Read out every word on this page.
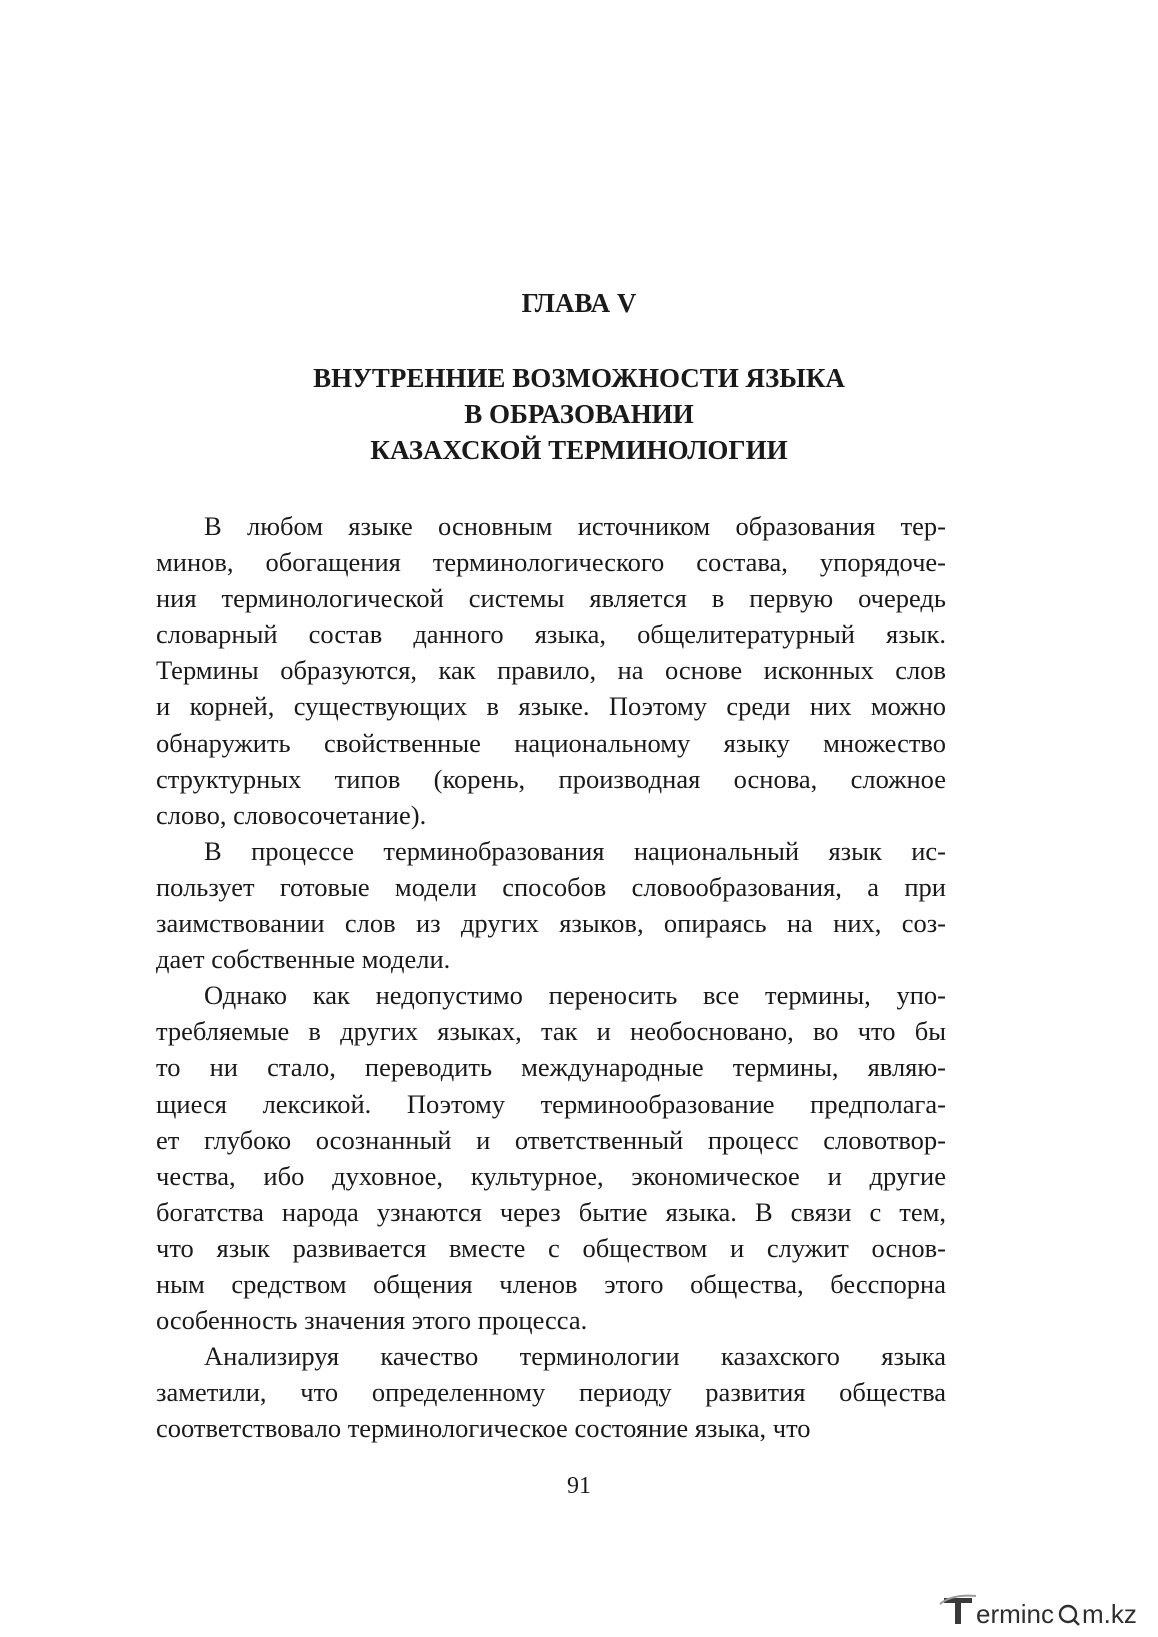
ГЛАВА V
ВНУТРЕННИЕ ВОЗМОЖНОСТИ ЯЗЫКА
В ОБРАЗОВАНИИ
КАЗАХСКОЙ ТЕРМИНОЛОГИИ
В любом языке основным источником образования тер-
минов, обогащения терминологического состава, упорядоче-
ния терминологической системы является в первую очередь
словарный состав данного языка, общелитературный язык.
Термины образуются, как правило, на основе исконных слов
и корней, существующих в языке. Поэтому среди них можно
обнаружить свойственные национальному языку множество
структурных типов (корень, производная основа, сложное
слово, словосочетание).
В процессе терминобразования национальный язык ис-
пользует готовые модели способов словообразования, а при
заимствовании слов из других языков, опираясь на них, соз-
дает собственные модели.
Однако как недопустимо переносить все термины, упо-
требляемые в других языках, так и необосновано, во что бы
то ни стало, переводить международные термины, являю-
щиеся лексикой. Поэтому терминообразование предполага-
ет глубоко осознанный и ответственный процесс словотвор-
чества, ибо духовное, культурное, экономическое и другие
богатства народа узнаются через бытие языка. В связи с тем,
что язык развивается вместе с обществом и служит основ-
ным средством общения членов этого общества, бесспорна
особенность значения этого процесса.
Анализируя качество терминологии казахского языка
заметили, что определенному периоду развития общества
соответствовало терминологическое состояние языка, что
91
erminc m.kz
